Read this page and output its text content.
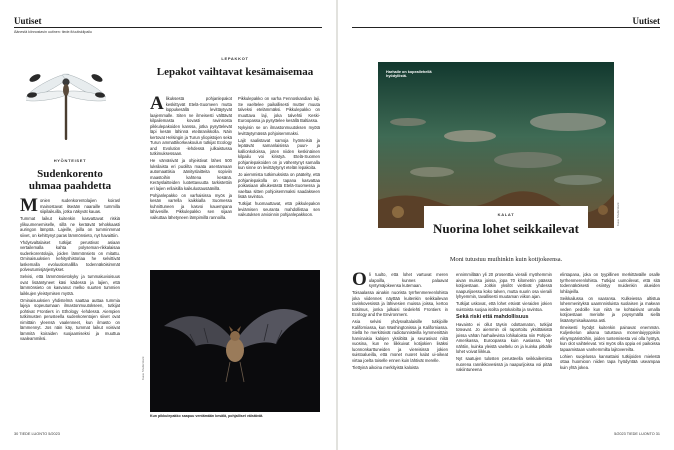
Uutiset
Äänestä kiinnostavin uutinen: tiede.fi/uutiskilpailu
HYÖNTEISET
Sudenkorento uhmaa paahdetta
M onien sudenkorentolajien koirasl mainostavat itseään naaraille tummilla siipilaikuilla, jotka näkyvät kauas.

Tummat laikut kuitenkin kasvattavat riskiä ylikuumenemiselle, sillä ne keräävät tehokkaasti auringon lämpöä. Lajeille, joilla on tumminmmat siivet, on kehittynyt paras lämmönsieto, nyt havaittiin.

Yhdysvaltalaiset tutkijat perustivat asiaan vertailemalla kahta polyseman-rikkalaisaa sudenkorentolajia, joiden lämmönsieto on mitattu. Ominaisuuksien kehityshistoriaa he selvittivät laskemalla evoluutiomallilla todennäköisimmät polveutumisjärjestykset.

Selvisi, että lämmönsietokyky ja tummakuvioisuus ovat lisääntyneet käsi kädessä ja lajien, että lämmönsieto on kasvanut melko suurten tummien laikkujen yleistymisen myötä.

Ominaisuuksien yhdistelmä saattaa auttaa tummia lajeja sopeutumaan ilmastonmuutokseen, tutkijat pohtivat Frontiers in Ethology -lehdessä. Aiempien tutkimusten perusteella sudenkorentojen siivet ovat nimittäin yleensä vaalenneet, kun ilmasto on lämmennyt. Jos näin käy, tummat laikut voisivat lämmitä koiraiden suojaamiseksi ja muuttua vaaleammiksi.

LEPAKKOT
Lepakot vaihtavat kesämaisemaa
A likuksestä pohjanlepakot keskittyvät Etelä-Suomeen mutta loppukesällä levittäytyvät laajemmalle. Siten ne ilmeisesti välttävät kilpailemasta kovasti ravinnosta pikkulepakoiden kanssa, jotka pysyttelevät läpi kesän lähinnä eteläranikkolla. Näin kertovat Helsingin ja Turun yliopistojen sekä Turun ammattikorkeakoulun tutkijat Ecology and Evolution -lehdessä julkaistussa tutkimuksessaan.

He värväsivät ja ohjeistivat lähes 500 luksilaista eri puolilta maata asentamaan automaattisia äänityslaitteita sopiviin maastoihin kahtena kesänä. Keräyslaitteiden luotettavuutta tarkistettiin eri lajien erilaisilla kaikuluotausäänillä.

Pohjanlepakko on varhaisissa myös ja kesän varrella kaikkialla Suomessa kuhnittuneen ja kasvoi kauempana lähivesille. Pikkulepakko sen sijaan vaikuttaa lähetyneen lämpimillä rannoilla.

Pikkulepakko on varha Fennoskandian laji. Se vaeltelee paikallisesti mutter muuta talveksi etelämmäksi. Pikkulepakko on muuttava laji, joka talvehtii Keski-Euroopassa ja pysyttelee kesällä Baltiassa.

Nykyisin se on ilmastonmuutoksen myötä levittäytymässä pohjoisemmaksi.

Lajit saalistavat samoja hyönteisiä ja lepäävät samanlaisissa puun- ja kallionkoloissa, joten niiden keskinäinen kilpailu voi kiristyä. Etelä-Suomen pohjanlepakoiden on jo vähentynyt samalla kun sinne on levittäytynyt etelän lepakoita.

Jo aiemmista tutkimuksista on päätelty, että pohjanlepakolla on tapana kasvattaa poikasiaan alkukesästä Etelä-Suomessa ja vaeltaa sitten pohjoisemmaksi saadakseen lisää ravintoa.

Tutkijat huomauttavat, että pikkulepakon leviämisen seuranta mahdollistaa sen vaikutuksen arvioinnin pohjanlepakkoon.

Kuva: Shutterstock
Kun pikkulepakko saapuu ventämään kesälä, pohjalliset väistävät.
30 TIEDE LUONTO 5/2023
Uutiset
Harhaile on kopeallehellä hyödyllistä.
Kuva: Shutterstock
KALAT
Nuorina lohet seikkailevat
Moni tutustuu muihinkin kuin kotijokeensa.
O li tuulto, että lohet vartuvat meren ulapoilla, kunnes palaavat syntymäjokeensa kutemaan.

Toisaalassa ainakin nuorista tyrrhenmereenlohista joka viidennes näyttää kuitenkin seikkailevan ravinkovesissä ja lähivesien muissa joissa, kertoo tutkimus, jonka julkaisi tiedelehti Frontiers in Ecology and the Environment.

Asia selvisi yhdysvaltalaisille tutkijoille Kaliforniassa, kun Washingtonissa ja Kaliforniassa. Siellä he merkitsivät radiotunnisteilla kymmenittäin harvinaisia kalojen yksilöitä ja seurasivat niitä vuosina, kun ne liikkuivat kotijokien lisäksi luonnonkarttuneiden ja viereisissä jokien suistoalueilla, että monet nuoret kalat ui-oikeat virtaa joelta toiselle ennen kuin lähtivät merelle.

Tiettyinä aikoina merkityistä kaloista

ennimmillään yli 20 prosenttia vieraili myöhemmin aivan muissa joissa, jopa 70 kilometrin päässä kotijoestaan. Joitkin yksilöt viettivät yhdessä naapurijoessa koko talven, mutta suurin osa vieraili lyhyemmin, tavallisesti muutaman viikon ajan.

Tutkijat uskovat, että lohet etsivät vieraiden jokien suistoista suojaa isoilta petokaloilta ja ravintoa.

Sekä riski että mahdollisuus

Havainto ei ollut täysin odottamaton, tutkijat toteavat. Jo aiemmin oli raportoitu yksittäisistä joissa vähän harhailevista lohikaloista niin Pohjois-Amerikassa, Euroopassa kuin Aasiassa. Nyt nähtiin, kuinka yleistä vaeltelu on ja kuinka pitkälle lohet voivat liikkua.

Nyt saatujen tulosten perusteella seikkailemista nuorena rannikkovesissä ja naapurijoissa voi pitää vakiintuneena

elintapana, joka on tyypillinen merkittäväille osalle tyrrhenmerenlohista. Tutkijat uumoilevat, että sitä todennäköisesti esiintyy muidenkin alueiden lohilajeilla.

Seikkailussa on vaaransa. Kulkeiessa altistua lohenmenityksä uaamnnisluista suolaisen ja makean veden pedoille kun niitä ne kohtaisivat umalla kotijoestaan meriolte ja poysymällä siellä lisääntymisaikaansa asti.

Ilmeisesti hyödyt kuitenkin painavat enemmän. Kuljeskelun aikana tutustuva monenlaiyyppisiin elinympäristöihin, joiden tuntemisesta voi olla hyötyä, kun olot vaihtelevat. Voi myös olla oppia eri paikoissa tapaamistaan vanhemmilta lajitovereilta.

Lohien suojelussa kannattaisi tutkijoiden mielestä ottaa huomioon niiden tapa hyödyntää useampaa kuin yhtä jokea.

5/2023 TIEDE LUONTO 31
